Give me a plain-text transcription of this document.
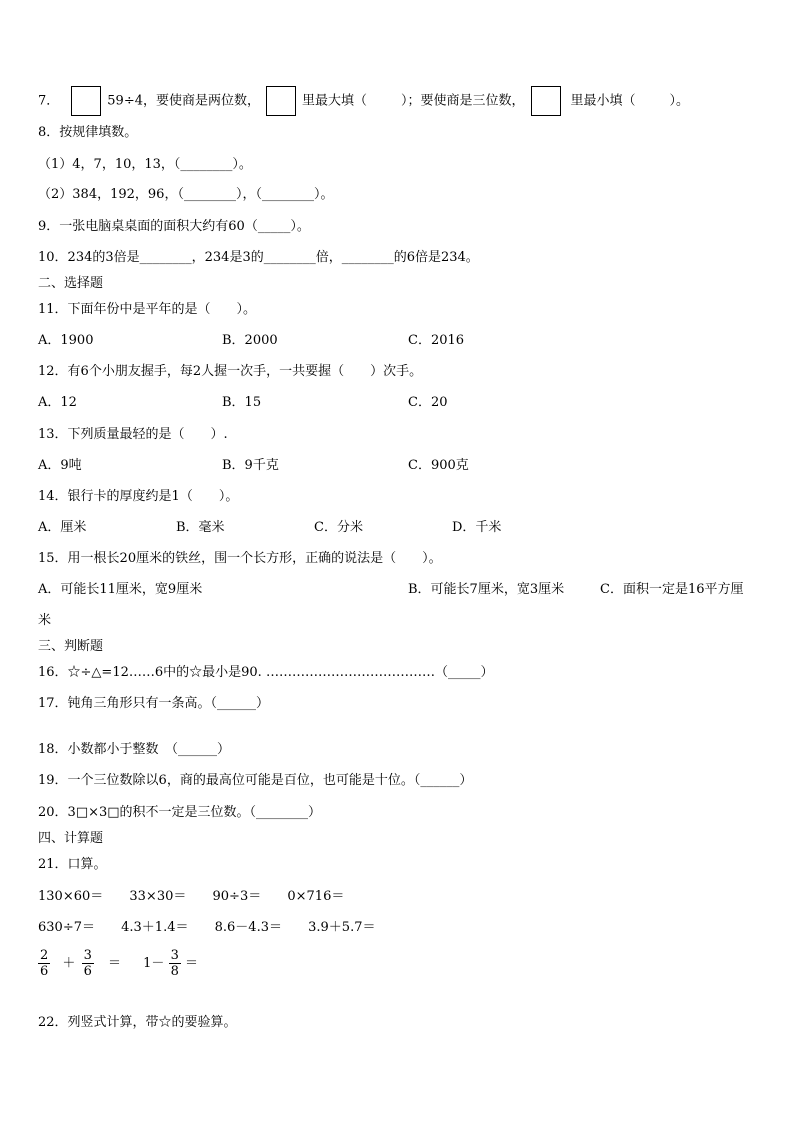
7．	59÷4，要使商是两位数，	里最大填（	）；要使商是三位数，	里最小填（	）。
8．按规律填数。
（1）4，7，10，13，（________）。
（2）384，192，96，（________），（________）。
9．一张电脑桌桌面的面积大约有60（_____）。
10．234的3倍是________，234是3的________倍，________的6倍是234。
二、选择题
11．下面年份中是平年的是（　　）。
A．1900	B．2000	C．2016
12．有6个小朋友握手，每2人握一次手，一共要握（　　）次手。
A．12	B．15	C．20
13．下列质量最轻的是（　　）.
A．9吨	B．9千克	C．900克
14．银行卡的厚度约是1（　　）。
A．厘米	B．毫米	C．分米	D．千米
15．用一根长20厘米的铁丝，围一个长方形，正确的说法是（　　）。
A．可能长11厘米，宽9厘米	B．可能长7厘米，宽3厘米	C．面积一定是16平方厘
米
三、判断题
16．☆÷△=12……6中的☆最小是90. …………………………………（_____）
17．钝角三角形只有一条高。（______）
18．小数都小于整数　（______）
19．一个三位数除以6，商的最高位可能是百位，也可能是十位。（______）
20．3□×3□的积不一定是三位数。（________）
四、计算题
21．口算。
130×60＝ 33×30＝ 90÷3＝ 0×716＝
630÷7＝ 4.3＋1.4＝ 8.6－4.3＝ 3.9＋5.7＝
$\frac{2}{6} + \frac{3}{6} = 1- \frac{3}{8}$ ＝
22．列竖式计算，带☆的要验算。
